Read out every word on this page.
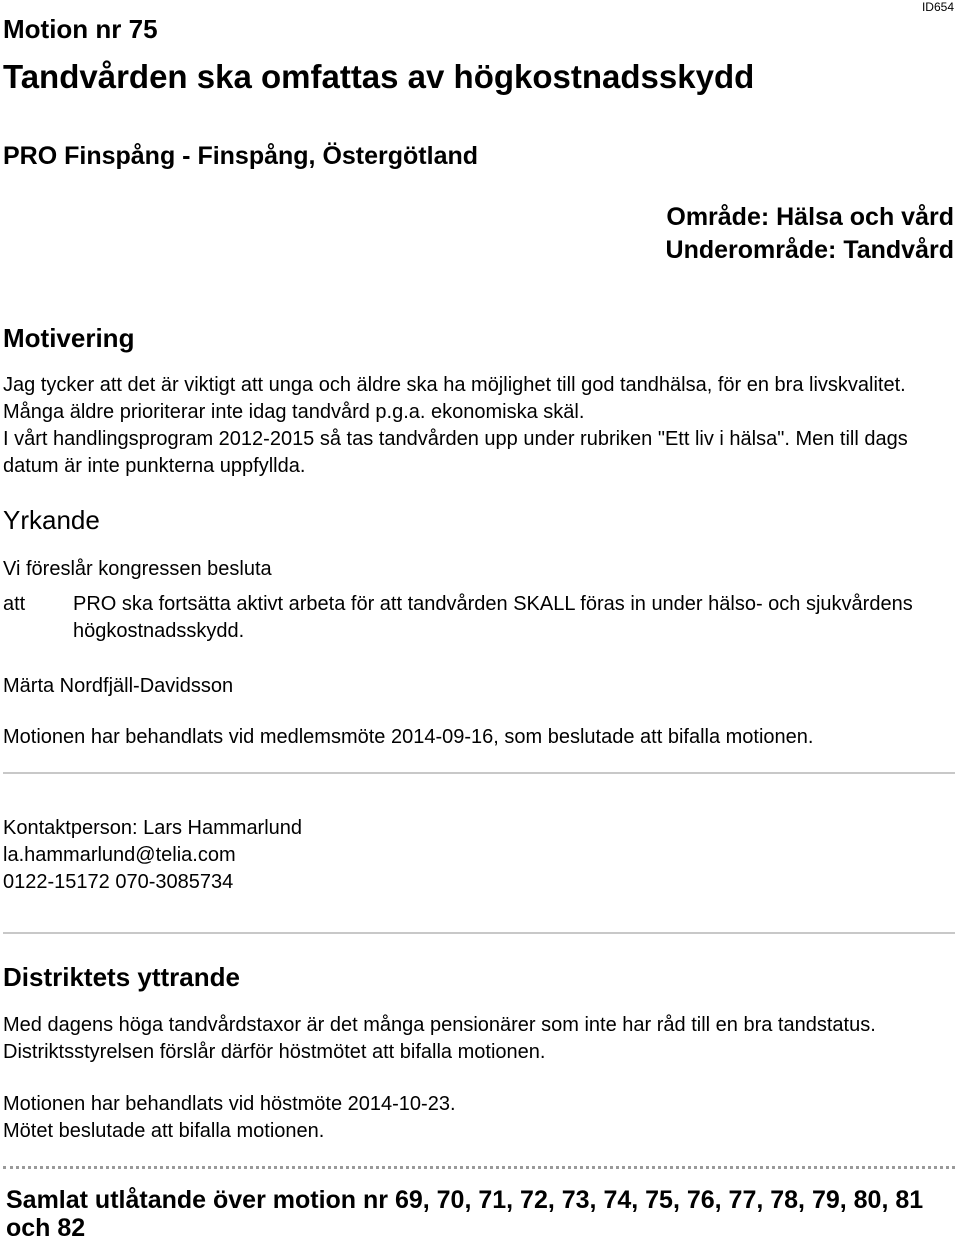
ID654
Motion nr 75
Tandvården ska omfattas av högkostnadsskydd
PRO Finspång - Finspång, Östergötland

Område: Hälsa och vård

Underområde: Tandvård

Motivering

Jag tycker att det är viktigt att unga och äldre ska ha möjlighet till god tandhälsa, för en bra livskvalitet. Många äldre prioriterar inte idag tandvård p.g.a. ekonomiska skäl.

I vårt handlingsprogram 2012-2015 så tas tandvården upp under rubriken "Ett liv i hälsa". Men till dags datum är inte punkterna uppfyllda.

Yrkande
Vi föreslår kongressen besluta
att PRO ska fortsätta aktivt arbeta för att tandvården SKALL föras in under hälso- och sjukvårdens högkostnadsskydd.
Märta Nordfjäll-Davidsson
Motionen har behandlats vid medlemsmöte 2014-09-16, som beslutade att bifalla motionen.

Kontaktperson: Lars Hammarlund

la.hammarlund@telia.com

0122-15172 070-3085734

Distriktets yttrande
Med dagens höga tandvårdstaxor är det många pensionärer som inte har råd till en bra tandstatus. Distriktsstyrelsen förslår därför höstmötet att bifalla motionen.

Motionen har behandlats vid höstmöte 2014-10-23.

Mötet beslutade att bifalla motionen.

Samlat utlåtande över motion nr 69, 70, 71, 72, 73, 74, 75, 76, 77, 78, 79, 80, 81 och 82
